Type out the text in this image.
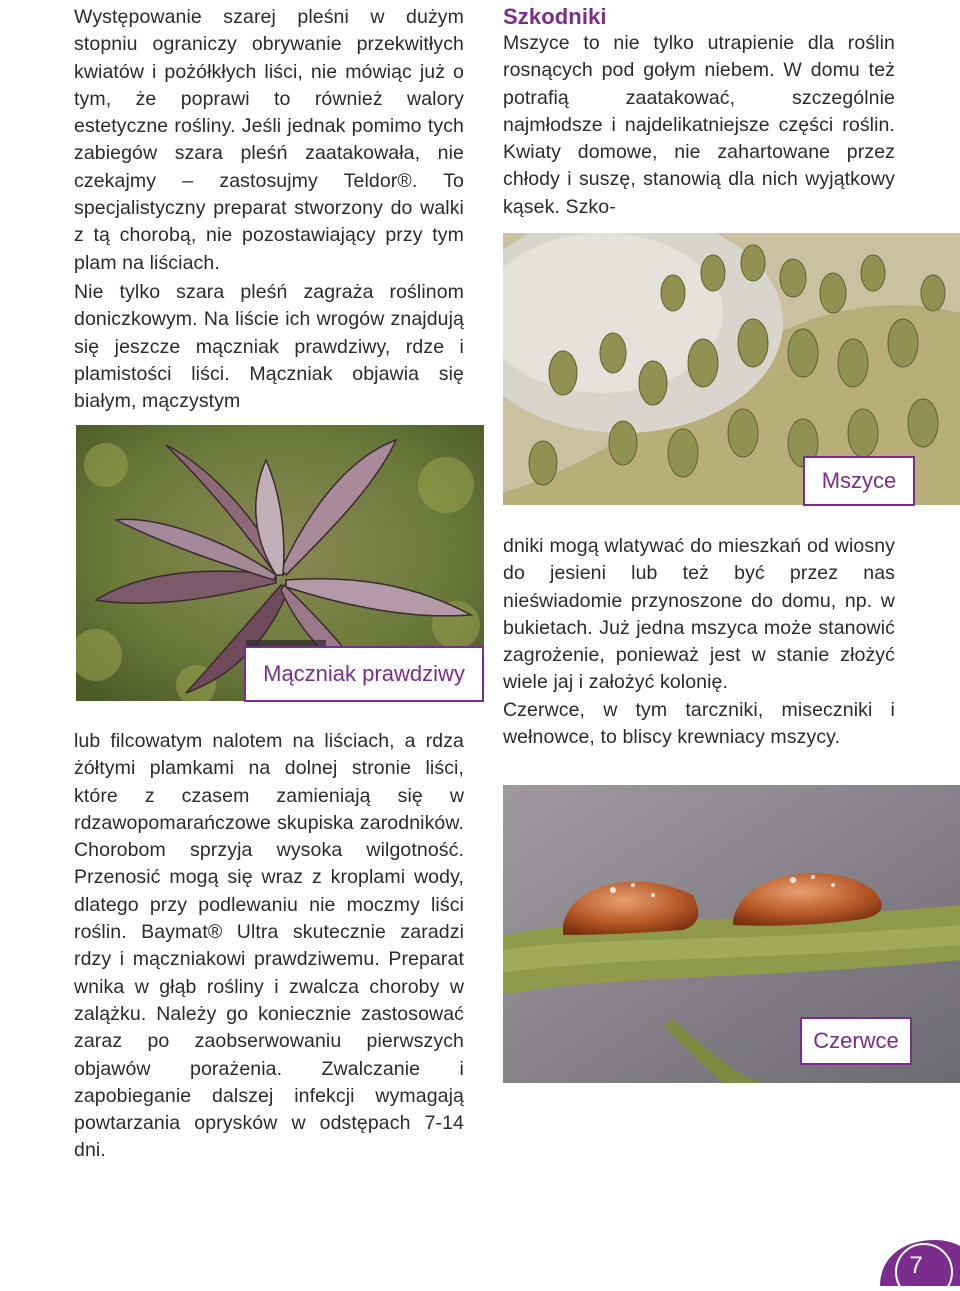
Występowanie szarej pleśni w dużym stopniu ograniczy obrywanie przekwitłych kwiatów i pożółkłych liści, nie mówiąc już o tym, że poprawi to również walory estetyczne rośliny. Jeśli jednak pomimo tych zabiegów szara pleśń zaatakowała, nie czekajmy – zastosujmy Teldor®. To specjalistyczny preparat stworzony do walki z tą chorobą, nie pozostawiający przy tym plam na liściach.

Nie tylko szara pleśń zagraża roślinom doniczkowym. Na liście ich wrogów znajdują się jeszcze mączniak prawdziwy, rdze i plamistości liści. Mączniak objawia się białym, mączystym

Mączniak prawdziwy

lub filcowatym nalotem na liściach, a rdza żółtymi plamkami na dolnej stronie liści, które z czasem zamieniają się w rdzawopomarańczowe skupiska zarodników. Chorobom sprzyja wysoka wilgotność. Przenosić mogą się wraz z kroplami wody, dlatego przy podlewaniu nie moczmy liści roślin. Baymat® Ultra skutecznie zaradzi rdzy i mączniakowi prawdziwemu. Preparat wnika w głąb rośliny i zwalcza choroby w zalążku. Należy go koniecznie zastosować zaraz po zaobserwowaniu pierwszych objawów porażenia. Zwalczanie i zapobieganie dalszej infekcji wymagają powtarzania oprysków w odstępach 7-14 dni.

Szkodniki

Mszyce to nie tylko utrapienie dla roślin rosnących pod gołym niebem. W domu też potrafią zaatakować, szczególnie najmłodsze i najdelikatniejsze części roślin. Kwiaty domowe, nie zahartowane przez chłody i suszę, stanowią dla nich wyjątkowy kąsek. Szko-

Mszyce

dniki mogą wlatywać do mieszkań od wiosny do jesieni lub też być przez nas nieświadomie przynoszone do domu, np. w bukietach. Już jedna mszyca może stanowić zagrożenie, ponieważ jest w stanie złożyć wiele jaj i założyć kolonię.

Czerwce, w tym tarczniki, miseczniki i wełnowce, to bliscy krewniacy mszycy.

Czerwce
7
